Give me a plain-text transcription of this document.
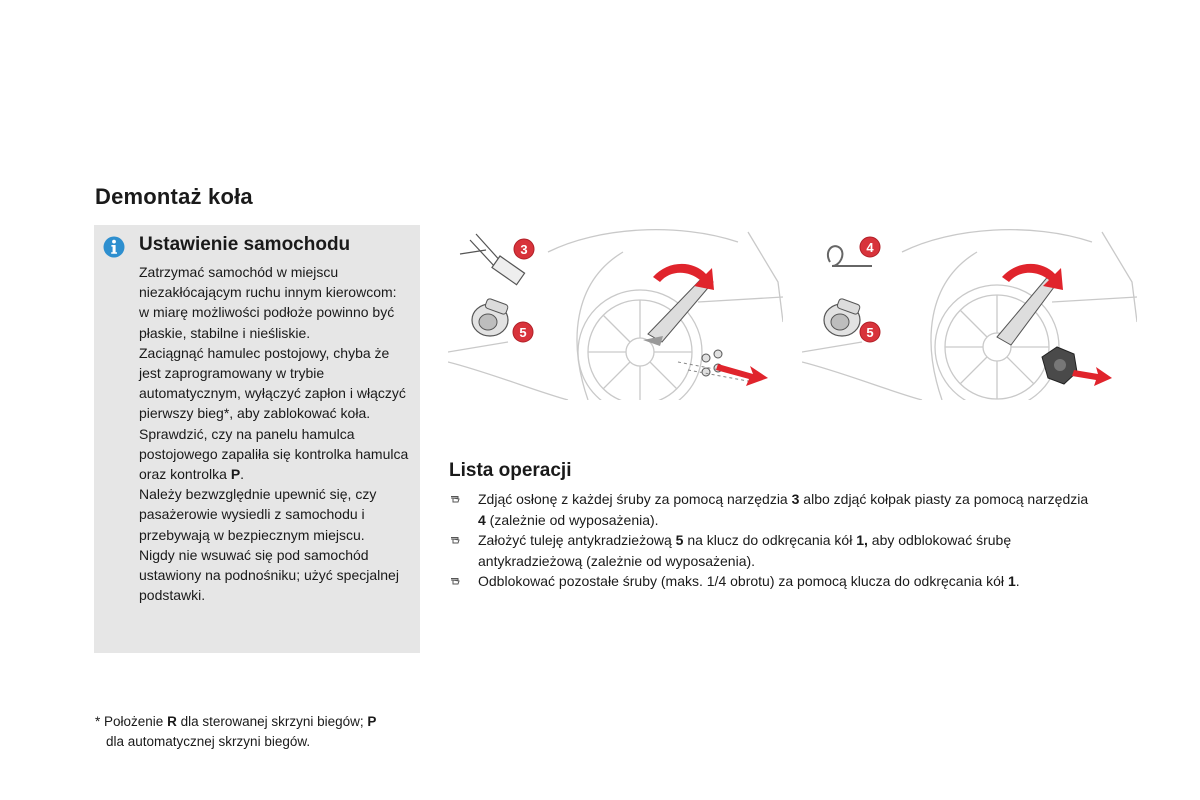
Demontaż koła
Ustawienie samochodu

Zatrzymać samochód w miejscu niezakłócającym ruchu innym kierowcom: w miarę możliwości podłoże powinno być płaskie, stabilne i nieśliskie.

Zaciągnąć hamulec postojowy, chyba że jest zaprogramowany w trybie automatycznym, wyłączyć zapłon i włączyć pierwszy bieg*, aby zablokować koła.

Sprawdzić, czy na panelu hamulca postojowego zapaliła się kontrolka hamulca oraz kontrolka P.

Należy bezwzględnie upewnić się, czy pasażerowie wysiedli z samochodu i przebywają w bezpiecznym miejscu.

Nigdy nie wsuwać się pod samochód ustawiony na podnośniku; użyć specjalnej podstawki.

3
5
4
5
Lista operacji
Zdjąć osłonę z każdej śruby za pomocą narzędzia 3 albo zdjąć kołpak piasty za pomocą narzędzia 4 (zależnie od wyposażenia).
Założyć tuleję antykradzieżową 5 na klucz do odkręcania kół 1, aby odblokować śrubę antykradzieżową (zależnie od wyposażenia).
Odblokować pozostałe śruby (maks. 1/4 obrotu) za pomocą klucza do odkręcania kół 1.
* Położenie R dla sterowanej skrzyni biegów; P
dla automatycznej skrzyni biegów.
